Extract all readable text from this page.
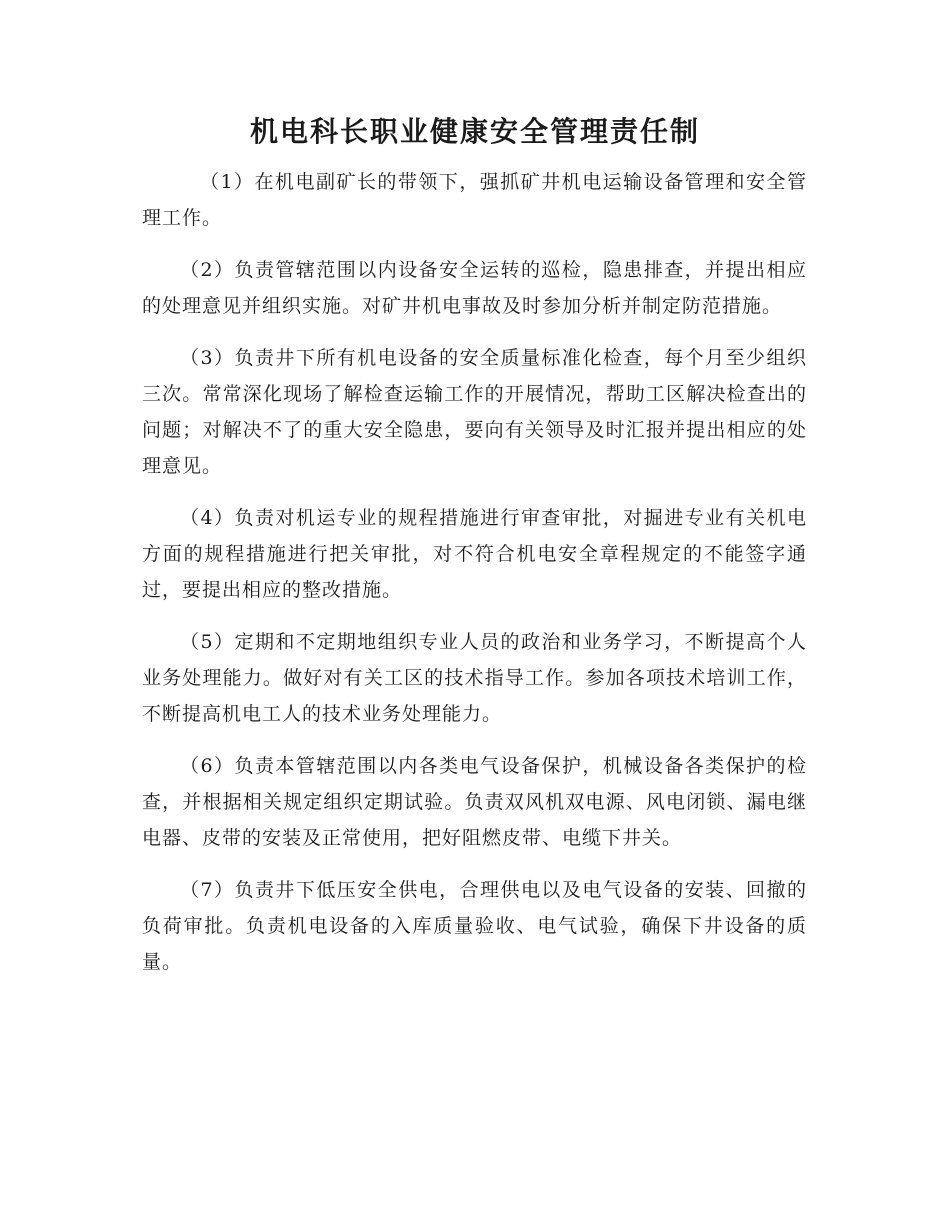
机电科长职业健康安全管理责任制

（1）在机电副矿长的带领下，强抓矿井机电运输设备管理和安全管理工作。

（2）负责管辖范围以内设备安全运转的巡检，隐患排查，并提出相应的处理意见并组织实施。对矿井机电事故及时参加分析并制定防范措施。

（3）负责井下所有机电设备的安全质量标准化检查，每个月至少组织三次。常常深化现场了解检查运输工作的开展情况，帮助工区解决检查出的问题；对解决不了的重大安全隐患，要向有关领导及时汇报并提出相应的处理意见。

（4）负责对机运专业的规程措施进行审查审批，对掘进专业有关机电方面的规程措施进行把关审批，对不符合机电安全章程规定的不能签字通过，要提出相应的整改措施。

（5）定期和不定期地组织专业人员的政治和业务学习，不断提高个人业务处理能力。做好对有关工区的技术指导工作。参加各项技术培训工作，不断提高机电工人的技术业务处理能力。

（6）负责本管辖范围以内各类电气设备保护，机械设备各类保护的检查，并根据相关规定组织定期试验。负责双风机双电源、风电闭锁、漏电继电器、皮带的安装及正常使用，把好阻燃皮带、电缆下井关。

（7）负责井下低压安全供电，合理供电以及电气设备的安装、回撤的负荷审批。负责机电设备的入库质量验收、电气试验，确保下井设备的质量。
